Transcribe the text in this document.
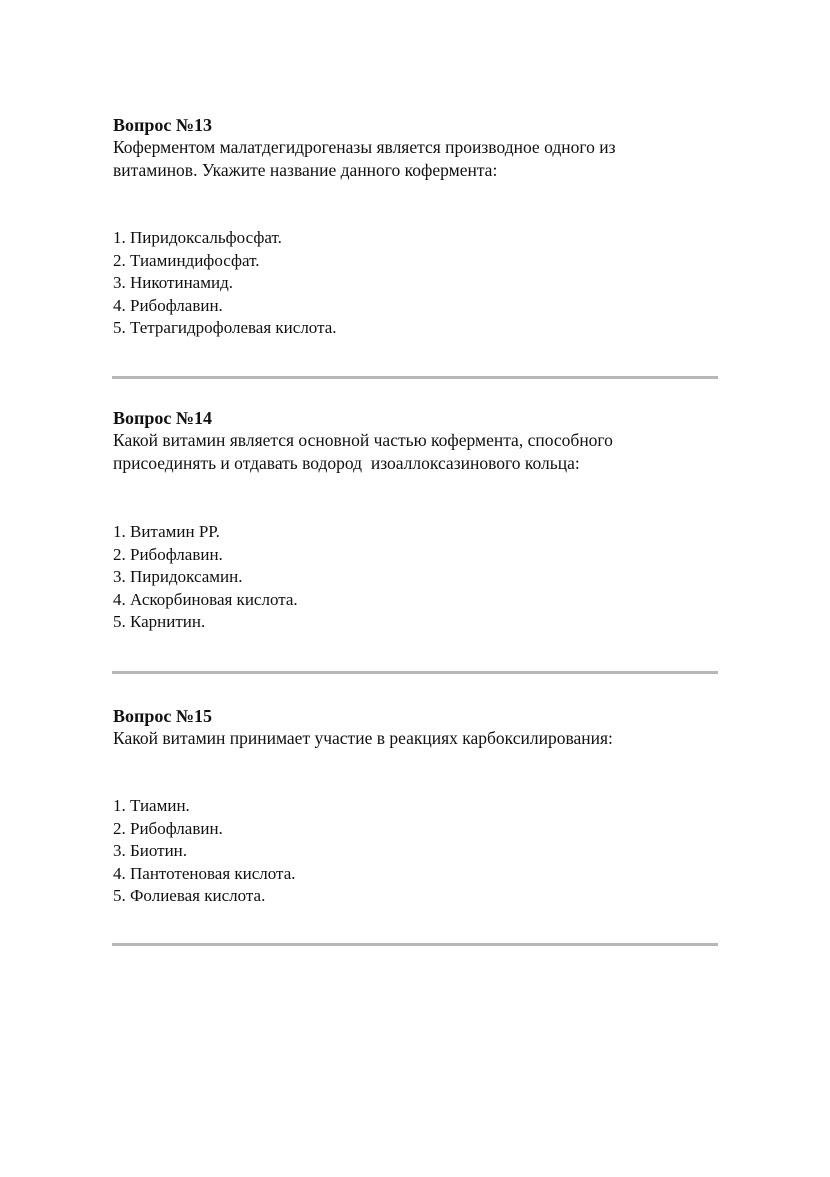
Вопрос №13

Коферментом малатдегидрогеназы является производное одного из

витаминов. Укажите название данного кофермента:

1. Пиридоксальфосфат.
2. Тиаминдифосфат.
3. Никотинамид.
4. Рибофлавин.
5. Тетрагидрофолевая кислота.

Вопрос №14

Какой витамин является основной частью кофермента, способного

присоединять и отдавать водород  изоаллоксазинового кольца:

1. Витамин РР.
2. Рибофлавин.
3. Пиридоксамин.
4. Аскорбиновая кислота.
5. Карнитин.

Вопрос №15

Какой витамин принимает участие в реакциях карбоксилирования:

1. Тиамин.
2. Рибофлавин.
3. Биотин.
4. Пантотеновая кислота.
5. Фолиевая кислота.
